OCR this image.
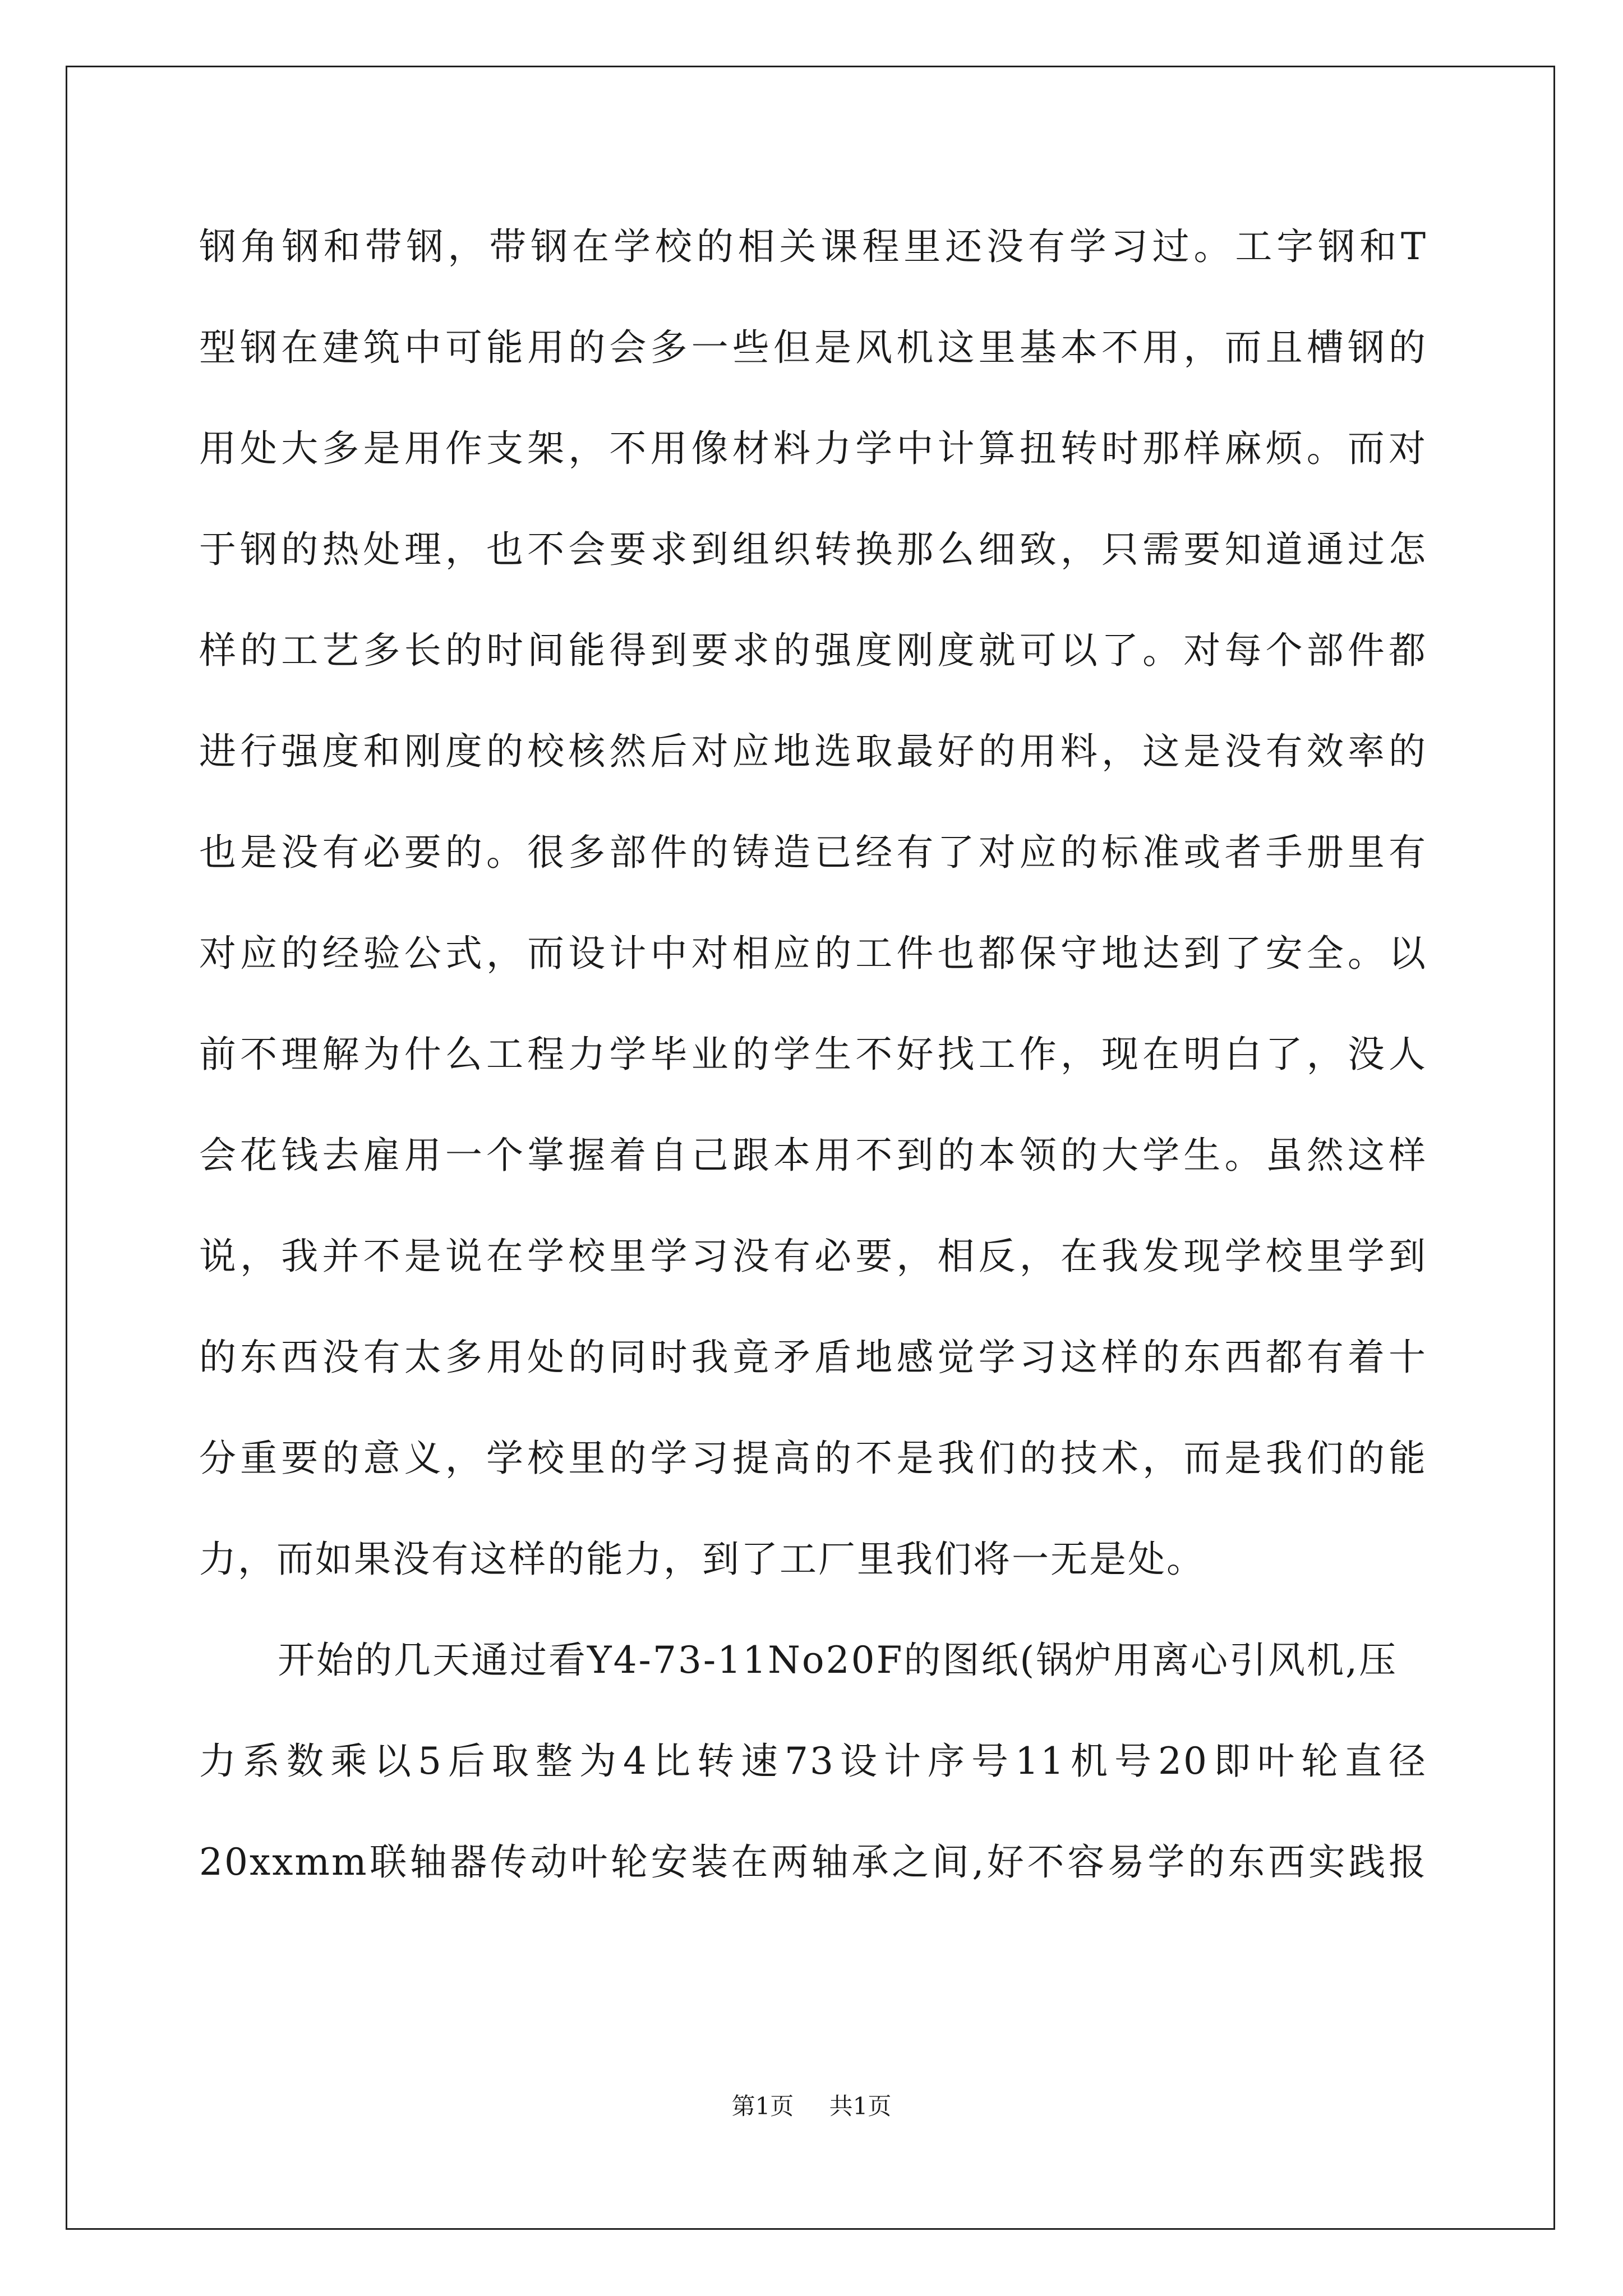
钢角钢和带钢，带钢在学校的相关课程里还没有学习过。工字钢和T
型钢在建筑中可能用的会多一些但是风机这里基本不用，而且槽钢的
用处大多是用作支架，不用像材料力学中计算扭转时那样麻烦。而对
于钢的热处理，也不会要求到组织转换那么细致，只需要知道通过怎
样的工艺多长的时间能得到要求的强度刚度就可以了。对每个部件都
进行强度和刚度的校核然后对应地选取最好的用料，这是没有效率的
也是没有必要的。很多部件的铸造已经有了对应的标准或者手册里有
对应的经验公式，而设计中对相应的工件也都保守地达到了安全。以
前不理解为什么工程力学毕业的学生不好找工作，现在明白了，没人
会花钱去雇用一个掌握着自己跟本用不到的本领的大学生。虽然这样
说，我并不是说在学校里学习没有必要，相反，在我发现学校里学到
的东西没有太多用处的同时我竟矛盾地感觉学习这样的东西都有着十
分重要的意义，学校里的学习提高的不是我们的技术，而是我们的能
力，而如果没有这样的能力，到了工厂里我们将一无是处。
开始的几天通过看Y4-73-11No20F的图纸(锅炉用离心引风机,压
力系数乘以5后取整为4比转速73设计序号11机号20即叶轮直径
20xxmm联轴器传动叶轮安装在两轴承之间,好不容易学的东西实践报
第1页 共1页
